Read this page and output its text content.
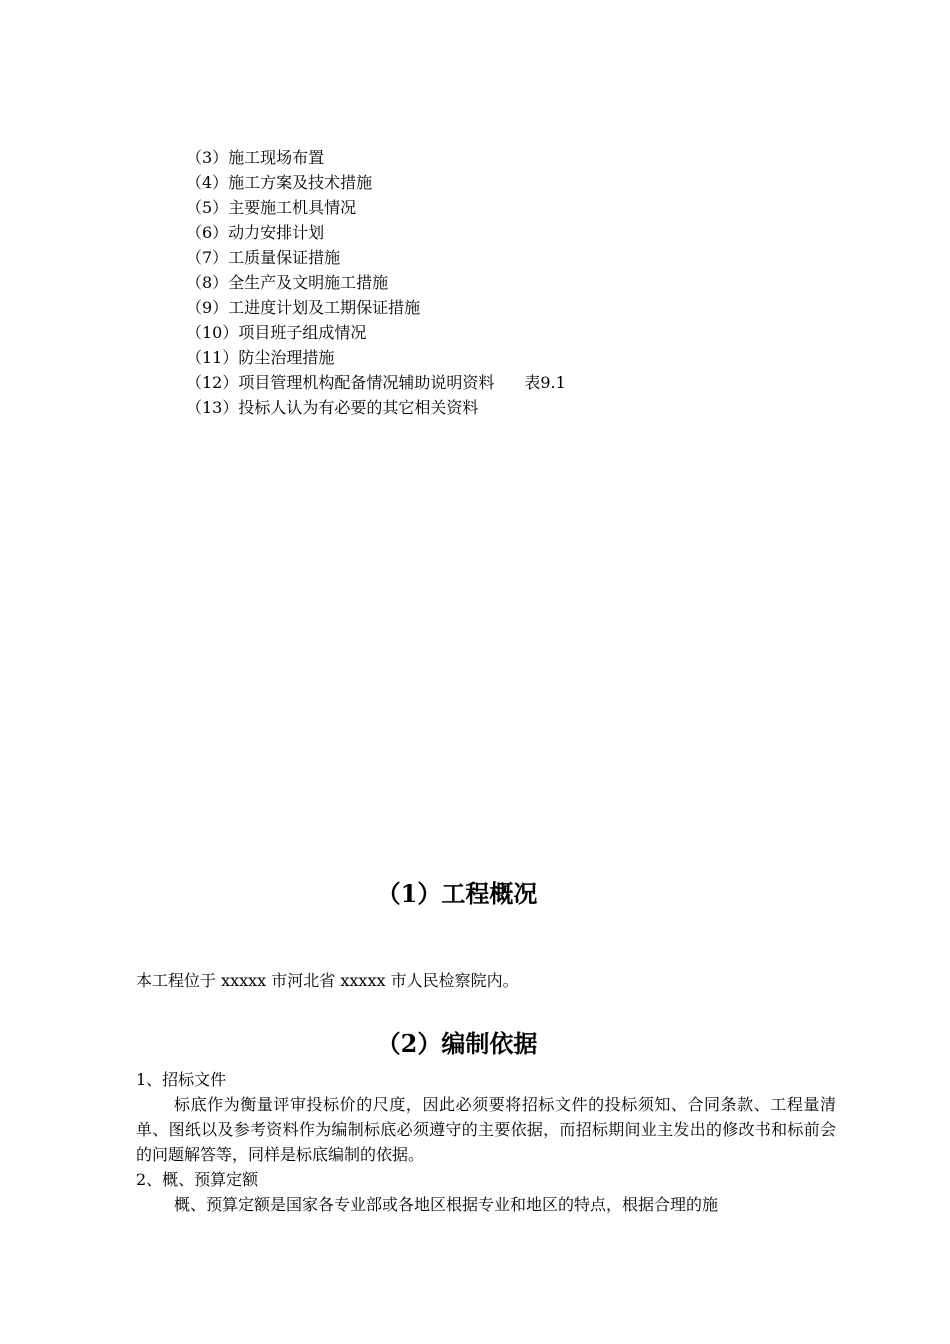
（3）施工现场布置
（4）施工方案及技术措施
（5）主要施工机具情况
（6）动力安排计划
（7）工质量保证措施
（8）全生产及文明施工措施
（9）工进度计划及工期保证措施
（10）项目班子组成情况
（11）防尘治理措施
（12）项目管理机构配备情况辅助说明资料 表9.1
（13）投标人认为有必要的其它相关资料
（1）工程概况

本工程位于 xxxxx 市河北省 xxxxx 市人民检察院内。

（2）编制依据
1、招标文件
标底作为衡量评审投标价的尺度，因此必须要将招标文件的投标须知、合同条款、工程量清单、图纸以及参考资料作为编制标底必须遵守的主要依据，而招标期间业主发出的修改书和标前会的问题解答等，同样是标底编制的依据。
2、概、预算定额
概、预算定额是国家各专业部或各地区根据专业和地区的特点，根据合理的施
